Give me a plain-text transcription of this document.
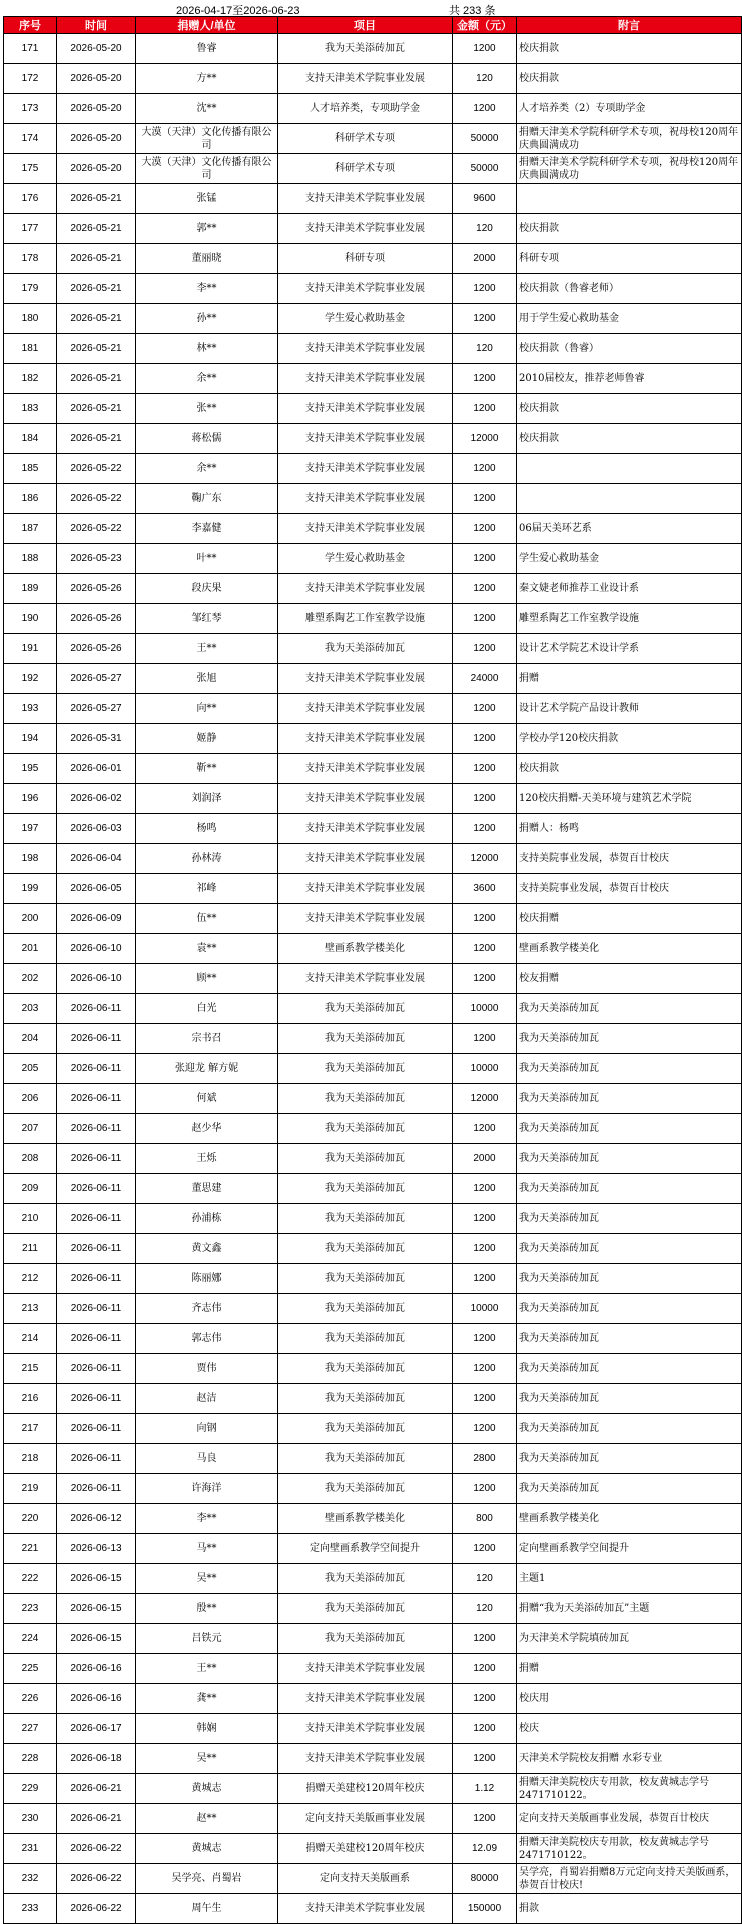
2026-04-17至2026-06-23	共 233 条
序号	时间	捐赠人/单位	项目	金额（元）	附言
171	2026-05-20	鲁睿	我为天美添砖加瓦	1200	校庆捐款
172	2026-05-20	方**	支持天津美术学院事业发展	120	校庆捐款
173	2026-05-20	沈**	人才培养类，专项助学金	1200	人才培养类（2）专项助学金
174	2026-05-20	大漠（天津）文化传播有限公司	科研学术专项	50000	捐赠天津美术学院科研学术专项，祝母校120周年庆典圆满成功
175	2026-05-20	大漠（天津）文化传播有限公司	科研学术专项	50000	捐赠天津美术学院科研学术专项，祝母校120周年庆典圆满成功
176	2026-05-21	张锰	支持天津美术学院事业发展	9600	
177	2026-05-21	郭**	支持天津美术学院事业发展	120	校庆捐款
178	2026-05-21	董丽晓	科研专项	2000	科研专项
179	2026-05-21	李**	支持天津美术学院事业发展	1200	校庆捐款（鲁睿老师）
180	2026-05-21	孙**	学生爱心救助基金	1200	用于学生爱心救助基金
181	2026-05-21	林**	支持天津美术学院事业发展	120	校庆捐款（鲁睿）
182	2026-05-21	余**	支持天津美术学院事业发展	1200	2010届校友，推荐老师鲁睿
183	2026-05-21	张**	支持天津美术学院事业发展	1200	校庆捐款
184	2026-05-21	蒋松儒	支持天津美术学院事业发展	12000	校庆捐款
185	2026-05-22	余**	支持天津美术学院事业发展	1200	
186	2026-05-22	鞠广东	支持天津美术学院事业发展	1200	
187	2026-05-22	李嘉健	支持天津美术学院事业发展	1200	06届天美环艺系
188	2026-05-23	叶**	学生爱心救助基金	1200	学生爱心救助基金
189	2026-05-26	段庆果	支持天津美术学院事业发展	1200	秦文婕老师推荐工业设计系
190	2026-05-26	邹红琴	雕塑系陶艺工作室教学设施	1200	雕塑系陶艺工作室教学设施
191	2026-05-26	王**	我为天美添砖加瓦	1200	设计艺术学院艺术设计学系
192	2026-05-27	张旭	支持天津美术学院事业发展	24000	捐赠
193	2026-05-27	向**	支持天津美术学院事业发展	1200	设计艺术学院产品设计教师
194	2026-05-31	姬静	支持天津美术学院事业发展	1200	学校办学120校庆捐款
195	2026-06-01	靳**	支持天津美术学院事业发展	1200	校庆捐款
196	2026-06-02	刘润泽	支持天津美术学院事业发展	1200	120校庆捐赠-天美环境与建筑艺术学院
197	2026-06-03	杨鸣	支持天津美术学院事业发展	1200	捐赠人：杨鸣
198	2026-06-04	孙林涛	支持天津美术学院事业发展	12000	支持美院事业发展，恭贺百廿校庆
199	2026-06-05	祁峰	支持天津美术学院事业发展	3600	支持美院事业发展，恭贺百廿校庆
200	2026-06-09	伍**	支持天津美术学院事业发展	1200	校庆捐赠
201	2026-06-10	袁**	壁画系教学楼美化	1200	壁画系教学楼美化
202	2026-06-10	顾**	支持天津美术学院事业发展	1200	校友捐赠
203	2026-06-11	白光	我为天美添砖加瓦	10000	我为天美添砖加瓦
204	2026-06-11	宗书召	我为天美添砖加瓦	1200	我为天美添砖加瓦
205	2026-06-11	张迎龙 解方妮	我为天美添砖加瓦	10000	我为天美添砖加瓦
206	2026-06-11	何斌	我为天美添砖加瓦	12000	我为天美添砖加瓦
207	2026-06-11	赵少华	我为天美添砖加瓦	1200	我为天美添砖加瓦
208	2026-06-11	王烁	我为天美添砖加瓦	2000	我为天美添砖加瓦
209	2026-06-11	董思建	我为天美添砖加瓦	1200	我为天美添砖加瓦
210	2026-06-11	孙浦栋	我为天美添砖加瓦	1200	我为天美添砖加瓦
211	2026-06-11	黄文鑫	我为天美添砖加瓦	1200	我为天美添砖加瓦
212	2026-06-11	陈丽娜	我为天美添砖加瓦	1200	我为天美添砖加瓦
213	2026-06-11	齐志伟	我为天美添砖加瓦	10000	我为天美添砖加瓦
214	2026-06-11	郭志伟	我为天美添砖加瓦	1200	我为天美添砖加瓦
215	2026-06-11	贾伟	我为天美添砖加瓦	1200	我为天美添砖加瓦
216	2026-06-11	赵洁	我为天美添砖加瓦	1200	我为天美添砖加瓦
217	2026-06-11	向钢	我为天美添砖加瓦	1200	我为天美添砖加瓦
218	2026-06-11	马良	我为天美添砖加瓦	2800	我为天美添砖加瓦
219	2026-06-11	许海洋	我为天美添砖加瓦	1200	我为天美添砖加瓦
220	2026-06-12	李**	壁画系教学楼美化	800	壁画系教学楼美化
221	2026-06-13	马**	定向壁画系教学空间提升	1200	定向壁画系教学空间提升
222	2026-06-15	吴**	我为天美添砖加瓦	120	主题1
223	2026-06-15	殷**	我为天美添砖加瓦	120	捐赠“我为天美添砖加瓦”主题
224	2026-06-15	吕铁元	我为天美添砖加瓦	1200	为天津美术学院填砖加瓦
225	2026-06-16	王**	支持天津美术学院事业发展	1200	捐赠
226	2026-06-16	龚**	支持天津美术学院事业发展	1200	校庆用
227	2026-06-17	韩娴	支持天津美术学院事业发展	1200	校庆
228	2026-06-18	吴**	支持天津美术学院事业发展	1200	天津美术学院校友捐赠 水彩专业
229	2026-06-21	黄城志	捐赠天美建校120周年校庆	1.12	捐赠天津美院校庆专用款，校友黄城志学号2471710122。
230	2026-06-21	赵**	定向支持天美版画事业发展	1200	定向支持天美版画事业发展，恭贺百廿校庆
231	2026-06-22	黄城志	捐赠天美建校120周年校庆	12.09	捐赠天津美院校庆专用款，校友黄城志学号2471710122。
232	2026-06-22	吴学亮、肖蜀岩	定向支持天美版画系	80000	吴学亮，肖蜀岩捐赠8万元定向支持天美版画系，恭贺百廿校庆!
233	2026-06-22	周午生	支持天津美术学院事业发展	150000	捐款
